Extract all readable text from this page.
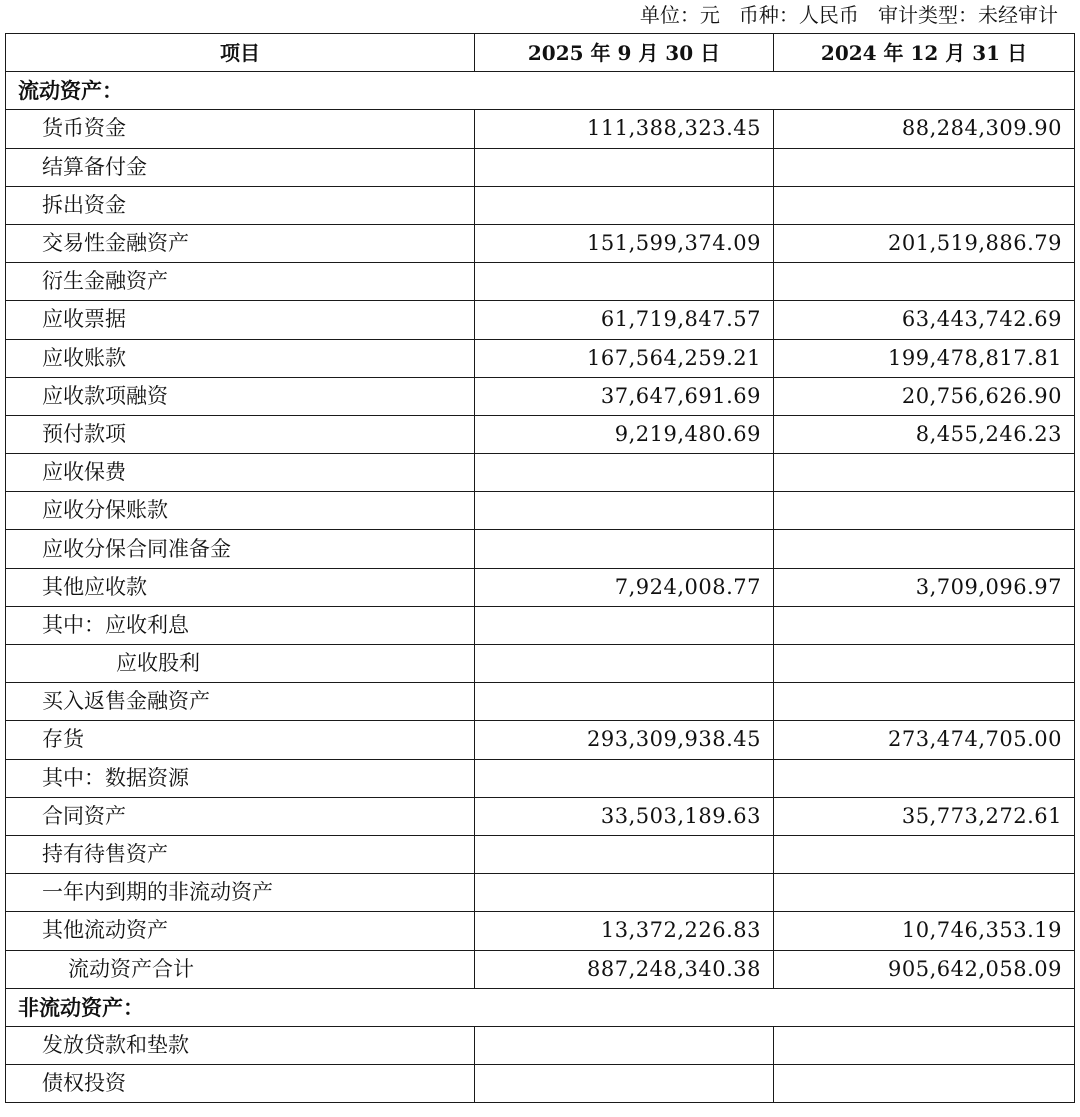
单位：元   币种：人民币   审计类型：未经审计
项目	2025 年 9 月 30 日	2024 年 12 月 31 日
流动资产：		
货币资金	111,388,323.45	88,284,309.90
结算备付金		
拆出资金		
交易性金融资产	151,599,374.09	201,519,886.79
衍生金融资产		
应收票据	61,719,847.57	63,443,742.69
应收账款	167,564,259.21	199,478,817.81
应收款项融资	37,647,691.69	20,756,626.90
预付款项	9,219,480.69	8,455,246.23
应收保费		
应收分保账款		
应收分保合同准备金		
其他应收款	7,924,008.77	3,709,096.97
其中：应收利息		
应收股利		
买入返售金融资产		
存货	293,309,938.45	273,474,705.00
其中：数据资源		
合同资产	33,503,189.63	35,773,272.61
持有待售资产		
一年内到期的非流动资产		
其他流动资产	13,372,226.83	10,746,353.19
流动资产合计	887,248,340.38	905,642,058.09
非流动资产：		
发放贷款和垫款		
债权投资		
